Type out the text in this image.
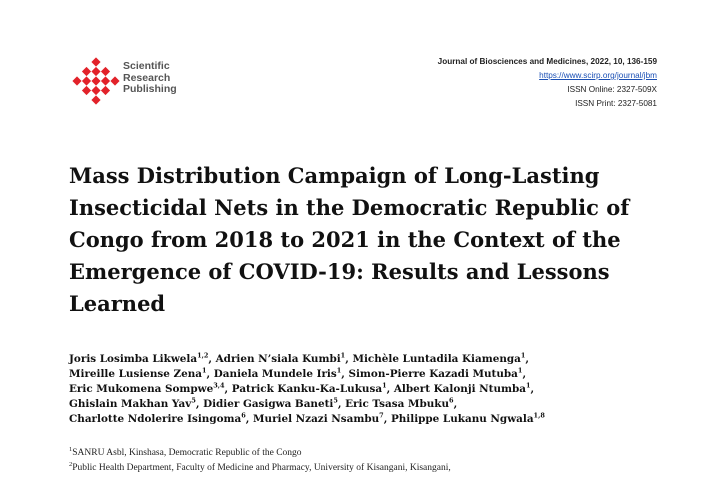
Scientific
Research
Publishing
Journal of Biosciences and Medicines, 2022, 10, 136-159
https://www.scirp.org/journal/jbm
ISSN Online: 2327-509X
ISSN Print: 2327-5081
Mass Distribution Campaign of Long-Lasting
Insecticidal Nets in the Democratic Republic of
Congo from 2018 to 2021 in the Context of the
Emergence of COVID-19: Results and Lessons
Learned
Joris Losimba Likwela$^{1,2}$, Adrien N’siala Kumbi$^1$, Michèle Luntadila Kiamenga$^1$,
Mireille Lusiense Zena$^1$, Daniela Mundele Iris$^1$, Simon-Pierre Kazadi Mutuba$^1$,
Eric Mukomena Sompwe$^{3,4}$, Patrick Kanku-Ka-Lukusa$^1$, Albert Kalonji Ntumba$^1$,
Ghislain Makhan Yav$^5$, Didier Gasigwa Baneti$^5$, Eric Tsasa Mbuku$^6$,
Charlotte Ndolerire Isingoma$^6$, Muriel Nzazi Nsambu$^7$, Philippe Lukanu Ngwala$^{1,8}$
$^1$SANRU Asbl, Kinshasa, Democratic Republic of the Congo
$^2$Public Health Department, Faculty of Medicine and Pharmacy, University of Kisangani, Kisangani,
